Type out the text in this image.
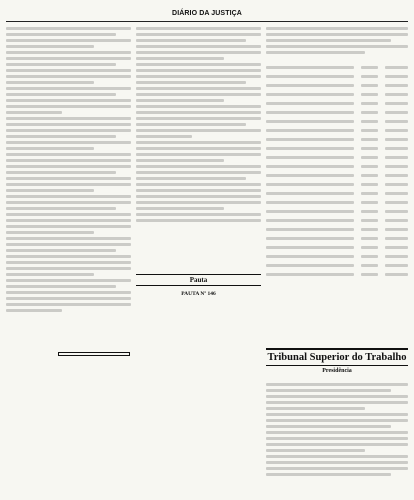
DIÁRIO DA JUSTIÇA
Pauta
PAUTA Nº 146
Tribunal Superior do Trabalho
Presidência
